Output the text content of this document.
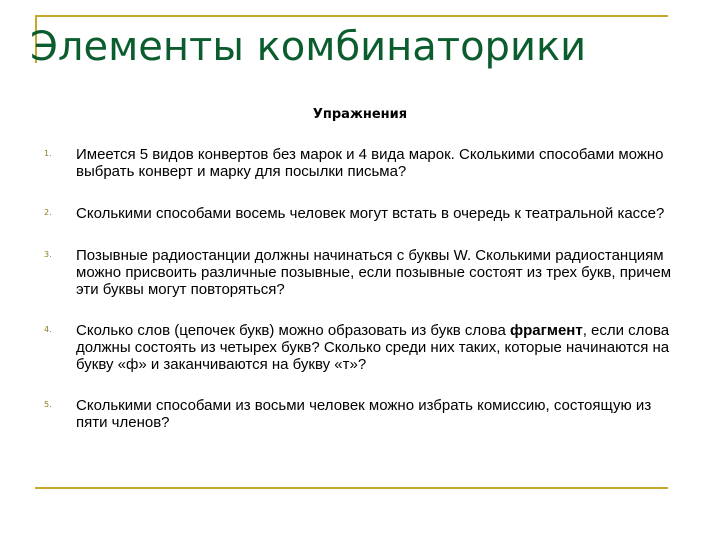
Элементы комбинаторики
Упражнения
1. Имеется 5 видов конвертов без марок и 4 вида марок. Сколькими способами можно выбрать конверт и марку для посылки письма?
2. Сколькими способами восемь человек могут встать в очередь к театральной кассе?
3. Позывные радиостанции должны начинаться с буквы W. Сколькими радиостанциям можно присвоить различные позывные, если позывные состоят из трех букв, причем эти буквы могут повторяться?
4. Сколько слов (цепочек букв) можно образовать из букв слова фрагмент, если слова должны состоять из четырех букв? Сколько среди них таких, которые начинаются на букву «ф» и заканчиваются на букву «т»?
5. Сколькими способами из восьми человек можно избрать комиссию, состоящую из пяти членов?
